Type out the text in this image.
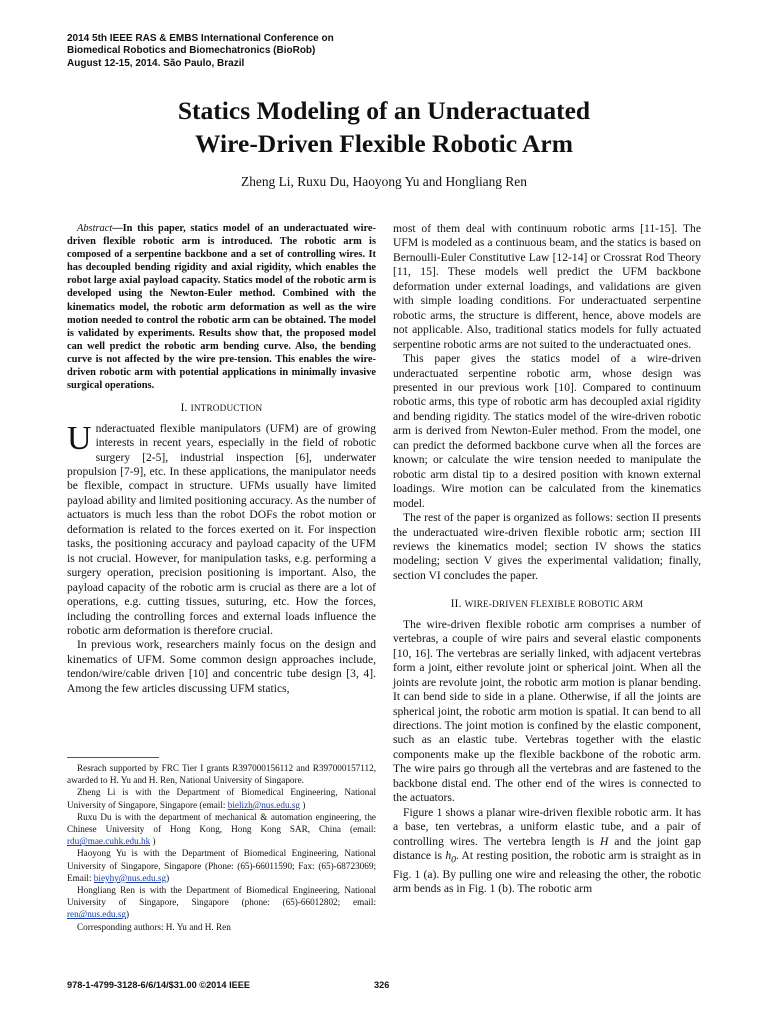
2014 5th IEEE RAS & EMBS International Conference on
Biomedical Robotics and Biomechatronics (BioRob)
August 12-15, 2014. São Paulo, Brazil
Statics Modeling of an Underactuated
Wire-Driven Flexible Robotic Arm
Zheng Li, Ruxu Du, Haoyong Yu and Hongliang Ren

Abstract—In this paper, statics model of an underactuated wire-driven flexible robotic arm is introduced. The robotic arm is composed of a serpentine backbone and a set of controlling wires. It has decoupled bending rigidity and axial rigidity, which enables the robot large axial payload capacity. Statics model of the robotic arm is developed using the Newton-Euler method. Combined with the kinematics model, the robotic arm deformation as well as the wire motion needed to control the robotic arm can be obtained. The model is validated by experiments. Results show that, the proposed model can well predict the robotic arm bending curve. Also, the bending curve is not affected by the wire pre-tension. This enables the wire-driven robotic arm with potential applications in minimally invasive surgical operations.

I. INTRODUCTION

Underactuated flexible manipulators (UFM) are of growing interests in recent years, especially in the field of robotic surgery [2-5], industrial inspection [6], underwater propulsion [7-9], etc. In these applications, the manipulator needs be flexible, compact in structure. UFMs usually have limited payload ability and limited positioning accuracy. As the number of actuators is much less than the robot DOFs the robot motion or deformation is related to the forces exerted on it. For inspection tasks, the positioning accuracy and payload capacity of the UFM is not crucial. However, for manipulation tasks, e.g. performing a surgery operation, precision positioning is important. Also, the payload capacity of the robotic arm is crucial as there are a lot of operations, e.g. cutting tissues, suturing, etc. How the forces, including the controlling forces and external loads influence the robotic arm deformation is therefore crucial.

In previous work, researchers mainly focus on the design and kinematics of UFM. Some common design approaches include, tendon/wire/cable driven [10] and concentric tube design [3, 4]. Among the few articles discussing UFM statics,

Resrach supported by FRC Tier I grants R397000156112 and R397000157112, awarded to H. Yu and H. Ren, National University of Singapore.

Zheng Li is with the Department of Biomedical Engineering, National University of Singapore, Singapore (email: bielizh@nus.edu.sg )

Ruxu Du is with the department of mechanical & automation engineering, the Chinese University of Hong Kong, Hong Kong SAR, China (email: rdu@mae.cuhk.edu.hk )

Haoyong Yu is with the Department of Biomedical Engineering, National University of Singapore, Singapore (Phone: (65)-66011590; Fax: (65)-68723069; Email: bieyhy@nus.edu.sg)

Hongliang Ren is with the Department of Biomedical Engineering, National University of Singapore, Singapore (phone: (65)-66012802; email: ren@nus.edu.sg)

Corresponding authors: H. Yu and H. Ren

most of them deal with continuum robotic arms [11-15]. The UFM is modeled as a continuous beam, and the statics is based on Bernoulli-Euler Constitutive Law [12-14] or Crossrat Rod Theory [11, 15]. These models well predict the UFM backbone deformation under external loadings, and validations are given with simple loading conditions. For underactuated serpentine robotic arms, the structure is different, hence, above models are not applicable. Also, traditional statics models for fully actuated serpentine robotic arms are not suited to the underactuated ones.

This paper gives the statics model of a wire-driven underactuated serpentine robotic arm, whose design was presented in our previous work [10]. Compared to continuum robotic arms, this type of robotic arm has decoupled axial rigidity and bending rigidity. The statics model of the wire-driven robotic arm is derived from Newton-Euler method. From the model, one can predict the deformed backbone curve when all the forces are known; or calculate the wire tension needed to manipulate the robotic arm distal tip to a desired position with known external loadings. Wire motion can be calculated from the kinematics model.

The rest of the paper is organized as follows: section II presents the underactuated wire-driven flexible robotic arm; section III reviews the kinematics model; section IV shows the statics modeling; section V gives the experimental validation; finally, section VI concludes the paper.

II. WIRE-DRIVEN FLEXIBLE ROBOTIC ARM

The wire-driven flexible robotic arm comprises a number of vertebras, a couple of wire pairs and several elastic components [10, 16]. The vertebras are serially linked, with adjacent vertebras form a joint, either revolute joint or spherical joint. When all the joints are revolute joint, the robotic arm motion is planar bending. It can bend side to side in a plane. Otherwise, if all the joints are spherical joint, the robotic arm motion is spatial. It can bend to all directions. The joint motion is confined by the elastic component, such as an elastic tube. Vertebras together with the elastic components make up the flexible backbone of the robotic arm. The wire pairs go through all the vertebras and are fastened to the backbone distal end. The other end of the wires is connected to the actuators.

Figure 1 shows a planar wire-driven flexible robotic arm. It has a base, ten vertebras, a uniform elastic tube, and a pair of controlling wires. The vertebra length is H and the joint gap distance is $h_0$. At resting position, the robotic arm is straight as in Fig. 1 (a). By pulling one wire and releasing the other, the robotic arm bends as in Fig. 1 (b). The robotic arm

978-1-4799-3128-6/6/14/$31.00 ©2014 IEEE	326
